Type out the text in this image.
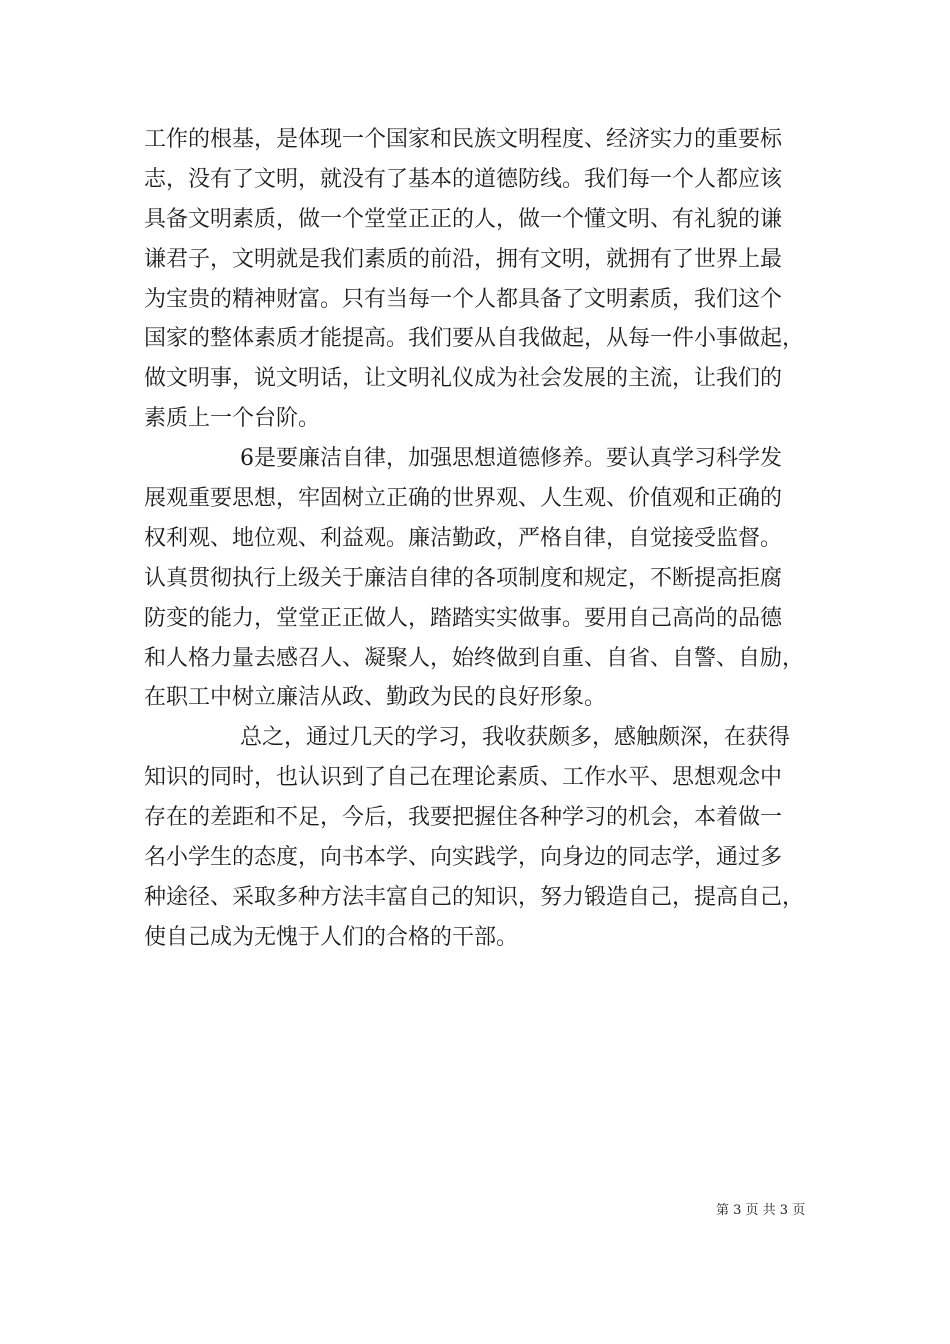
工作的根基，是体现一个国家和民族文明程度、经济实力的重要标
志，没有了文明，就没有了基本的道德防线。我们每一个人都应该
具备文明素质，做一个堂堂正正的人，做一个懂文明、有礼貌的谦
谦君子，文明就是我们素质的前沿，拥有文明，就拥有了世界上最
为宝贵的精神财富。只有当每一个人都具备了文明素质，我们这个
国家的整体素质才能提高。我们要从自我做起，从每一件小事做起，
做文明事，说文明话，让文明礼仪成为社会发展的主流，让我们的
素质上一个台阶。
6是要廉洁自律，加强思想道德修养。要认真学习科学发
展观重要思想，牢固树立正确的世界观、人生观、价值观和正确的
权利观、地位观、利益观。廉洁勤政，严格自律，自觉接受监督。
认真贯彻执行上级关于廉洁自律的各项制度和规定，不断提高拒腐
防变的能力，堂堂正正做人，踏踏实实做事。要用自己高尚的品德
和人格力量去感召人、凝聚人，始终做到自重、自省、自警、自励，
在职工中树立廉洁从政、勤政为民的良好形象。
总之，通过几天的学习，我收获颇多，感触颇深，在获得
知识的同时，也认识到了自己在理论素质、工作水平、思想观念中
存在的差距和不足，今后，我要把握住各种学习的机会，本着做一
名小学生的态度，向书本学、向实践学，向身边的同志学，通过多
种途径、采取多种方法丰富自己的知识，努力锻造自己，提高自己，
使自己成为无愧于人们的合格的干部。
第 3 页 共 3 页
